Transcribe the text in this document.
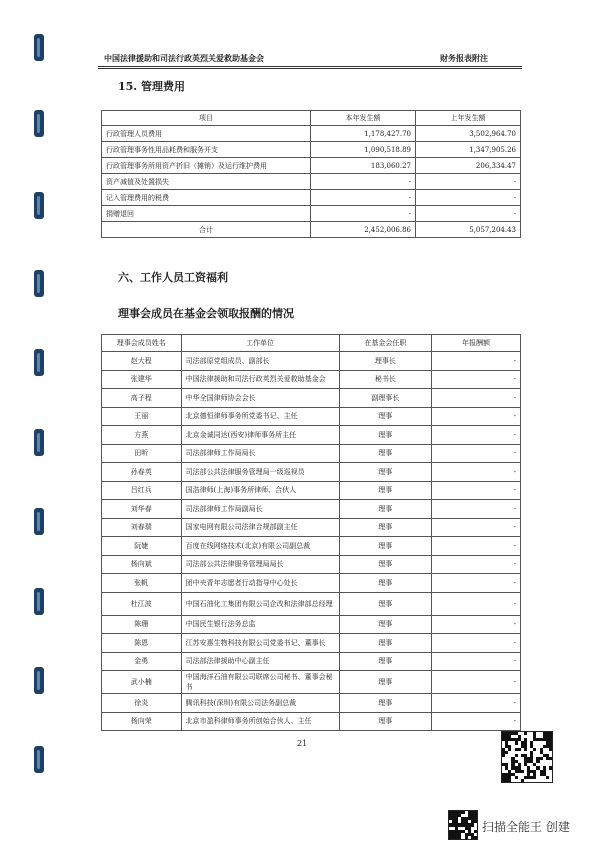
中国法律援助和司法行政英烈关爱救助基金会	财务报表附注
15. 管理费用
项目	本年发生额	上年发生额
行政管理人员费用	1,178,427.70	3,502,964.70
行政管理事务性用品耗费和服务开支	1,090,518.89	1,347,905.26
行政管理事务所用资产折旧（摊销）及运行维护费用	183,060.27	206,334.47
资产减值及处置损失	-	-
记入管理费用的税费	-	-
捐赠退回	-	-
合计	2,452,006.86	5,057,204.43
六、工作人员工资福利
理事会成员在基金会领取报酬的情况
理事会成员姓名	工作单位	在基金会任职	年报酬额
赵大程	司法部原党组成员、副部长	理事长	-
张建华	中国法律援助和司法行政英烈关爱救助基金会	秘书长	-
高子程	中华全国律师协会会长	副理事长	-
王丽	北京德恒律师事务所党委书记、主任	理事	-
方燕	北京金诚同达(西安)律师事务所主任	理事	-
田昕	司法部律师工作局局长	理事	-
孙春英	司法部公共法律服务管理局一级巡视员	理事	-
吕红兵	国浩律师(上海)事务所律师、合伙人	理事	-
刘华春	司法部律师工作局副局长	理事	-
刘春瑞	国家电网有限公司法律合规部副主任	理事	-
阮婕	百度在线网络技术(北京)有限公司副总裁	理事	-
杨向斌	司法部公共法律服务管理局局长	理事	-
张帆	团中央青年志愿者行动指导中心处长	理事	-
杜江波	中国石油化工集团有限公司企改和法律部总经理	理事	-
陈珊	中国民生银行法务总监	理事	-
陈恩	江苏安惠生物科技有限公司党委书记、董事长	理事	-
金勇	司法部法律援助中心副主任	理事	-
武小楠	中国海洋石油有限公司联席公司秘书、董事会秘书	理事	-
徐炎	腾讯科技(深圳)有限公司法务副总裁	理事	-
杨向荣	北京市盈科律师事务所创始合伙人、主任	理事	-
21
扫描全能王 创建
